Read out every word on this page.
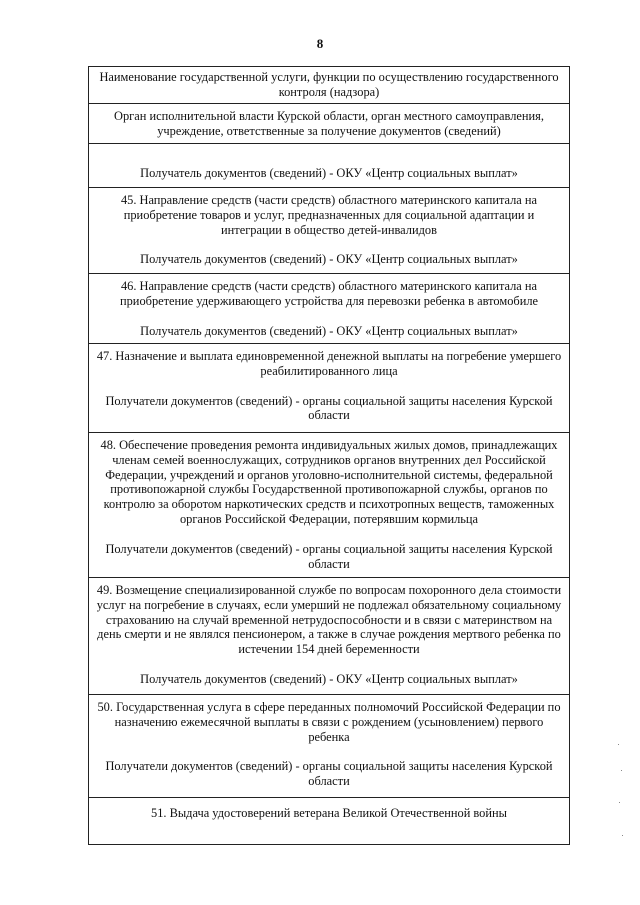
8

Наименование государственной услуги, функции по осуществлению государственного контроля (надзора)

Орган исполнительной власти Курской области, орган местного самоуправления, учреждение, ответственные за получение документов (сведений)

Получатель документов (сведений) - ОКУ «Центр социальных выплат»

45. Направление средств (части средств) областного материнского капитала на приобретение товаров и услуг, предназначенных для социальной адаптации и интеграции в общество детей-инвалидов

Получатель документов (сведений) - ОКУ «Центр социальных выплат»

46. Направление средств (части средств) областного материнского капитала на приобретение удерживающего устройства для перевозки ребенка в автомобиле

Получатель документов (сведений) - ОКУ «Центр социальных выплат»

47. Назначение и выплата единовременной денежной выплаты на погребение умершего реабилитированного лица

Получатели документов (сведений) - органы социальной защиты населения Курской области

48. Обеспечение проведения ремонта индивидуальных жилых домов, принадлежащих членам семей военнослужащих, сотрудников органов внутренних дел Российской Федерации, учреждений и органов уголовно-исполнительной системы, федеральной противопожарной службы Государственной противопожарной службы, органов по контролю за оборотом наркотических средств и психотропных веществ, таможенных органов Российской Федерации, потерявшим кормильца

Получатели документов (сведений) - органы социальной защиты населения Курской области

49. Возмещение специализированной службе по вопросам похоронного дела стоимости услуг на погребение в случаях, если умерший не подлежал обязательному социальному страхованию на случай временной нетрудоспособности и в связи с материнством на день смерти и не являлся пенсионером, а также в случае рождения мертвого ребенка по истечении 154 дней беременности

Получатель документов (сведений) - ОКУ «Центр социальных выплат»

50. Государственная услуга в сфере переданных полномочий Российской Федерации по назначению ежемесячной выплаты в связи с рождением (усыновлением) первого ребенка

Получатели документов (сведений) - органы социальной защиты населения Курской области

51. Выдача удостоверений ветерана Великой Отечественной войны
